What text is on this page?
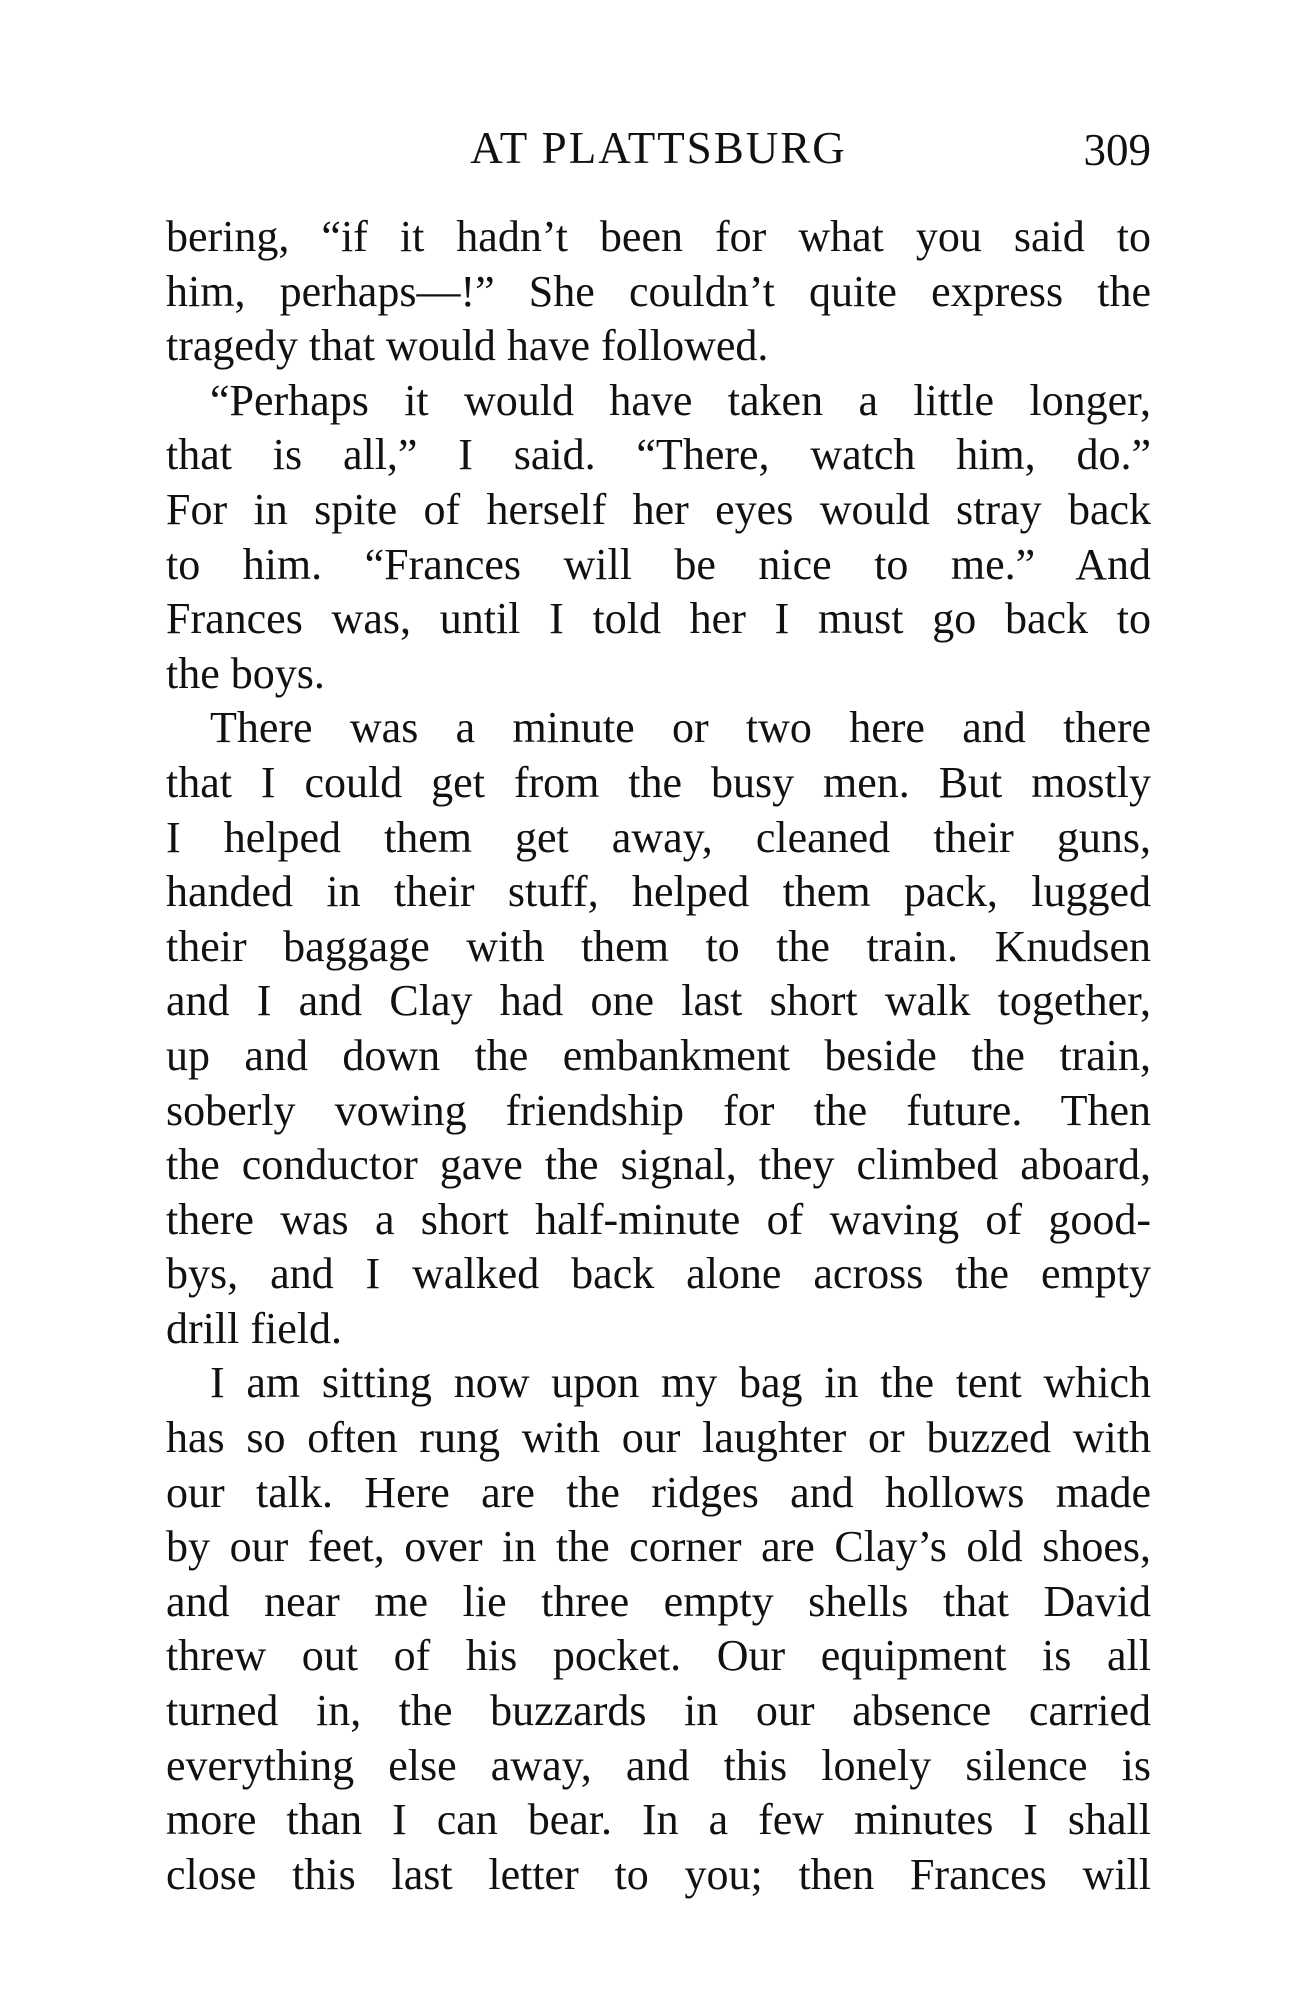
AT PLATTSBURG	309
bering, “if it hadn’t been for what you said to
him, perhaps—!” She couldn’t quite express the
tragedy that would have followed.
“Perhaps it would have taken a little longer,
that is all,” I said. “There, watch him, do.”
For in spite of herself her eyes would stray back
to him. “Frances will be nice to me.” And
Frances was, until I told her I must go back to
the boys.
There was a minute or two here and there
that I could get from the busy men. But mostly
I helped them get away, cleaned their guns,
handed in their stuff, helped them pack, lugged
their baggage with them to the train. Knudsen
and I and Clay had one last short walk together,
up and down the embankment beside the train,
soberly vowing friendship for the future. Then
the conductor gave the signal, they climbed aboard,
there was a short half-minute of waving of good-
bys, and I walked back alone across the empty
drill field.
I am sitting now upon my bag in the tent which
has so often rung with our laughter or buzzed with
our talk. Here are the ridges and hollows made
by our feet, over in the corner are Clay’s old shoes,
and near me lie three empty shells that David
threw out of his pocket. Our equipment is all
turned in, the buzzards in our absence carried
everything else away, and this lonely silence is
more than I can bear. In a few minutes I shall
close this last letter to you; then Frances will
